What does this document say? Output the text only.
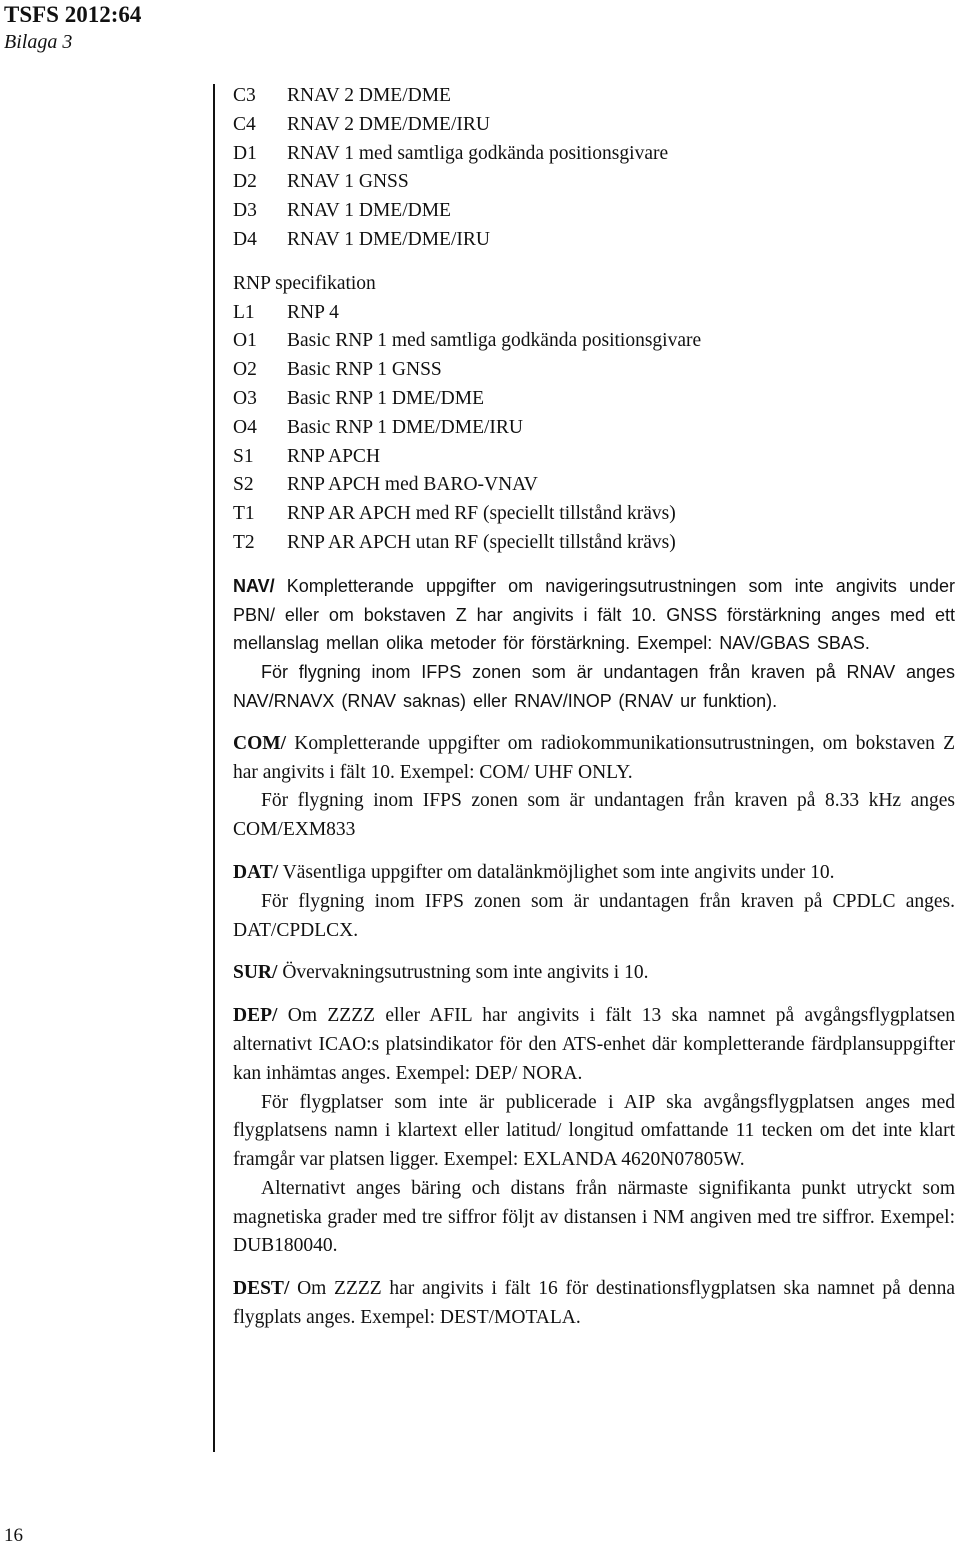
TSFS 2012:64
Bilaga 3
C3	RNAV 2 DME/DME
C4	RNAV 2 DME/DME/IRU
D1	RNAV 1 med samtliga godkända positionsgivare
D2	RNAV 1 GNSS
D3	RNAV 1 DME/DME
D4	RNAV 1 DME/DME/IRU
RNP specifikation
L1	RNP 4
O1	Basic RNP 1 med samtliga godkända positionsgivare
O2	Basic RNP 1 GNSS
O3	Basic RNP 1 DME/DME
O4	Basic RNP 1 DME/DME/IRU
S1	RNP APCH
S2	RNP APCH med BARO-VNAV
T1	RNP AR APCH med RF (speciellt tillstånd krävs)
T2	RNP AR APCH utan RF (speciellt tillstånd krävs)

NAV/ Kompletterande uppgifter om navigeringsutrustningen som inte angivits under PBN/ eller om bokstaven Z har angivits i fält 10. GNSS förstärkning anges med ett mellanslag mellan olika metoder för förstärkning. Exempel: NAV/GBAS SBAS.

För flygning inom IFPS zonen som är undantagen från kraven på RNAV anges NAV/RNAVX (RNAV saknas) eller RNAV/INOP (RNAV ur funktion).

COM/ Kompletterande uppgifter om radiokommunikationsutrustningen, om bokstaven Z har angivits i fält 10. Exempel: COM/ UHF ONLY.

För flygning inom IFPS zonen som är undantagen från kraven på 8.33 kHz anges COM/EXM833

DAT/ Väsentliga uppgifter om datalänkmöjlighet som inte angivits under 10.

För flygning inom IFPS zonen som är undantagen från kraven på CPDLC anges. DAT/CPDLCX.

SUR/ Övervakningsutrustning som inte angivits i 10.

DEP/ Om ZZZZ eller AFIL har angivits i fält 13 ska namnet på avgångsflygplatsen alternativt ICAO:s platsindikator för den ATS-enhet där kompletterande färdplansuppgifter kan inhämtas anges. Exempel: DEP/ NORA.

För flygplatser som inte är publicerade i AIP ska avgångsflygplatsen anges med flygplatsens namn i klartext eller latitud/ longitud omfattande 11 tecken om det inte klart framgår var platsen ligger. Exempel: EXLANDA 4620N07805W.

Alternativt anges bäring och distans från närmaste signifikanta punkt utryckt som magnetiska grader med tre siffror följt av distansen i NM angiven med tre siffror. Exempel: DUB180040.

DEST/ Om ZZZZ har angivits i fält 16 för destinationsflygplatsen ska namnet på denna flygplats anges. Exempel: DEST/MOTALA.

16
